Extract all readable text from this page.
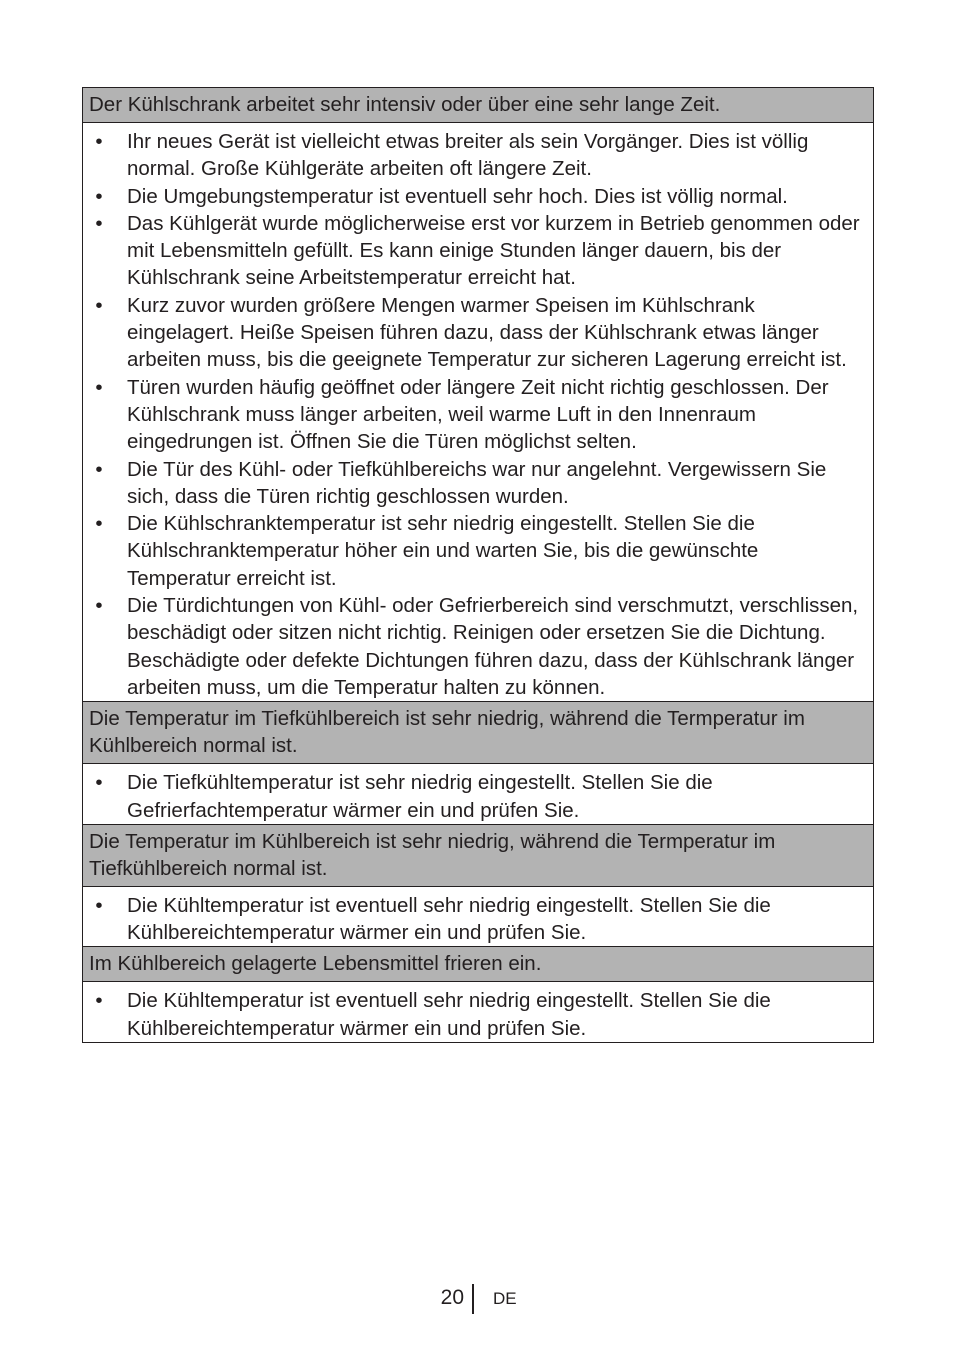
Der Kühlschrank arbeitet sehr intensiv oder über eine sehr lange Zeit.
• Ihr neues Gerät ist vielleicht etwas breiter als sein Vorgänger. Dies ist völlig normal. Große Kühlgeräte arbeiten oft längere Zeit.
• Die Umgebungstemperatur ist eventuell sehr hoch. Dies ist völlig normal.
• Das Kühlgerät wurde möglicherweise erst vor kurzem in Betrieb genommen oder mit Lebensmitteln gefüllt. Es kann einige Stunden länger dauern, bis der Kühlschrank seine Arbeitstemperatur erreicht hat.
• Kurz zuvor wurden größere Mengen warmer Speisen im Kühlschrank eingelagert. Heiße Speisen führen dazu, dass der Kühlschrank etwas länger arbeiten muss, bis die geeignete Temperatur zur sicheren Lagerung erreicht ist.
• Türen wurden häufig geöffnet oder längere Zeit nicht richtig geschlossen. Der Kühlschrank muss länger arbeiten, weil warme Luft in den Innenraum eingedrungen ist. Öffnen Sie die Türen möglichst selten.
• Die Tür des Kühl- oder Tiefkühlbereichs war nur angelehnt. Vergewissern Sie sich, dass die Türen richtig geschlossen wurden.
• Die Kühlschranktemperatur ist sehr niedrig eingestellt. Stellen Sie die Kühlschranktemperatur höher ein und warten Sie, bis die gewünschte Temperatur erreicht ist.
• Die Türdichtungen von Kühl- oder Gefrierbereich sind verschmutzt, verschlissen, beschädigt oder sitzen nicht richtig. Reinigen oder ersetzen Sie die Dichtung. Beschädigte oder defekte Dichtungen führen dazu, dass der Kühlschrank länger arbeiten muss, um die Temperatur halten zu können.
Die Temperatur im Tiefkühlbereich ist sehr niedrig, während die Termperatur im Kühlbereich normal ist.
• Die Tiefkühltemperatur ist sehr niedrig eingestellt. Stellen Sie die Gefrierfachtemperatur wärmer ein und prüfen Sie.
Die Temperatur im Kühlbereich ist sehr niedrig, während die Termperatur im Tiefkühlbereich normal ist.
• Die Kühltemperatur ist eventuell sehr niedrig eingestellt. Stellen Sie die Kühlbereichtemperatur wärmer ein und prüfen Sie.
Im Kühlbereich gelagerte Lebensmittel frieren ein.
• Die Kühltemperatur ist eventuell sehr niedrig eingestellt. Stellen Sie die Kühlbereichtemperatur wärmer ein und prüfen Sie.
20 DE
